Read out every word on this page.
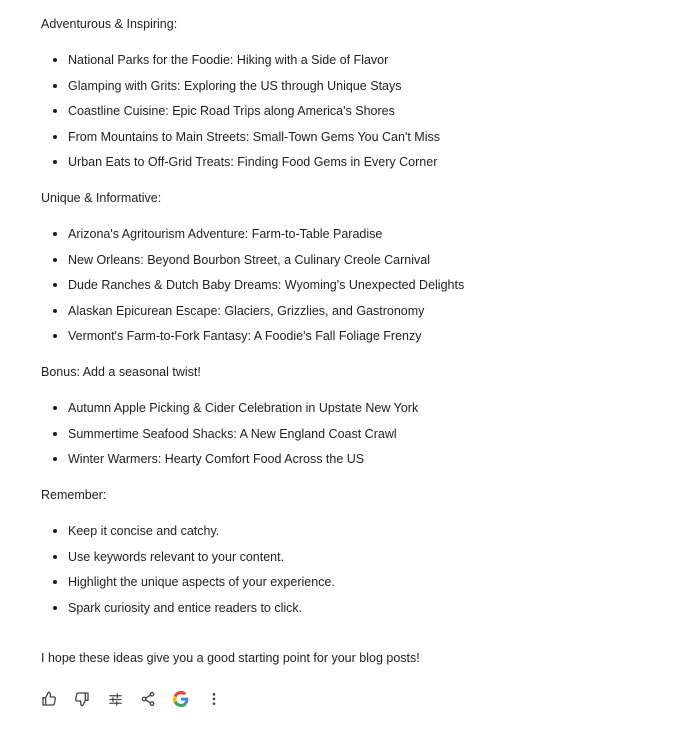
Adventurous & Inspiring:

National Parks for the Foodie: Hiking with a Side of Flavor
Glamping with Grits: Exploring the US through Unique Stays
Coastline Cuisine: Epic Road Trips along America's Shores
From Mountains to Main Streets: Small-Town Gems You Can't Miss
Urban Eats to Off-Grid Treats: Finding Food Gems in Every Corner

Unique & Informative:

Arizona's Agritourism Adventure: Farm-to-Table Paradise
New Orleans: Beyond Bourbon Street, a Culinary Creole Carnival
Dude Ranches & Dutch Baby Dreams: Wyoming's Unexpected Delights
Alaskan Epicurean Escape: Glaciers, Grizzlies, and Gastronomy
Vermont's Farm-to-Fork Fantasy: A Foodie's Fall Foliage Frenzy

Bonus: Add a seasonal twist!

Autumn Apple Picking & Cider Celebration in Upstate New York
Summertime Seafood Shacks: A New England Coast Crawl
Winter Warmers: Hearty Comfort Food Across the US

Remember:

Keep it concise and catchy.
Use keywords relevant to your content.
Highlight the unique aspects of your experience.
Spark curiosity and entice readers to click.

I hope these ideas give you a good starting point for your blog posts!
